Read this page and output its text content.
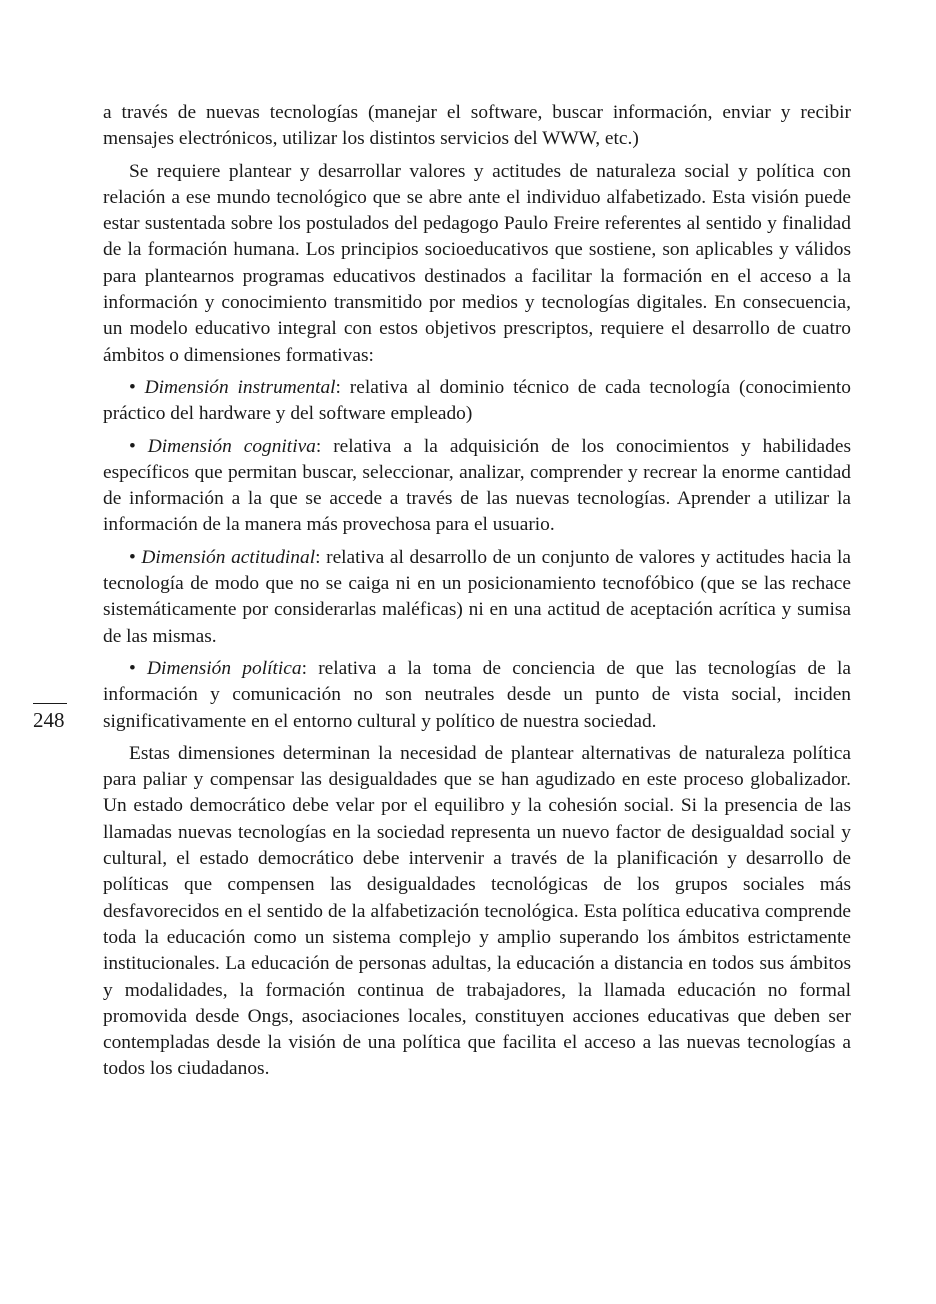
248

a través de nuevas tecnologías (manejar el software, buscar información, enviar y recibir mensajes electrónicos, utilizar los distintos servicios del WWW, etc.)

Se requiere plantear y desarrollar valores y actitudes de naturaleza social y política con relación a ese mundo tecnológico que se abre ante el individuo alfabetizado. Esta visión puede estar sustentada sobre los postulados del pedagogo Paulo Freire referentes al sentido y finalidad de la formación humana. Los principios socioeducativos que sostiene, son aplicables y válidos para plantearnos programas educativos destinados a facilitar la formación en el acceso a la información y conocimiento transmitido por medios y tecnologías digitales. En consecuencia, un modelo educativo integral con estos objetivos prescriptos, requiere el desarrollo de cuatro ámbitos o dimensiones formativas:

• Dimensión instrumental: relativa al dominio técnico de cada tecnología (conocimiento práctico del hardware y del software empleado)

• Dimensión cognitiva: relativa a la adquisición de los conocimientos y habilidades específicos que permitan buscar, seleccionar, analizar, comprender y recrear la enorme cantidad de información a la que se accede a través de las nuevas tecnologías. Aprender a utilizar la información de la manera más provechosa para el usuario.

• Dimensión actitudinal: relativa al desarrollo de un conjunto de valores y actitudes hacia la tecnología de modo que no se caiga ni en un posicionamiento tecnofóbico (que se las rechace sistemáticamente por considerarlas maléficas) ni en una actitud de aceptación acrítica y sumisa de las mismas.

• Dimensión política: relativa a la toma de conciencia de que las tecnologías de la información y comunicación no son neutrales desde un punto de vista social, inciden significativamente en el entorno cultural y político de nuestra sociedad.

Estas dimensiones determinan la necesidad de plantear alternativas de naturaleza política para paliar y compensar las desigualdades que se han agudizado en este proceso globalizador. Un estado democrático debe velar por el equilibro y la cohesión social. Si la presencia de las llamadas nuevas tecnologías en la sociedad representa un nuevo factor de desigualdad social y cultural, el estado democrático debe intervenir a través de la planificación y desarrollo de políticas que compensen las desigualdades tecnológicas de los grupos sociales más desfavorecidos en el sentido de la alfabetización tecnológica. Esta política educativa comprende toda la educación como un sistema complejo y amplio superando los ámbitos estrictamente institucionales. La educación de personas adultas, la educación a distancia en todos sus ámbitos y modalidades, la formación continua de trabajadores, la llamada educación no formal promovida desde Ongs, asociaciones locales, constituyen acciones educativas que deben ser contempladas desde la visión de una política que facilita el acceso a las nuevas tecnologías a todos los ciudadanos.
